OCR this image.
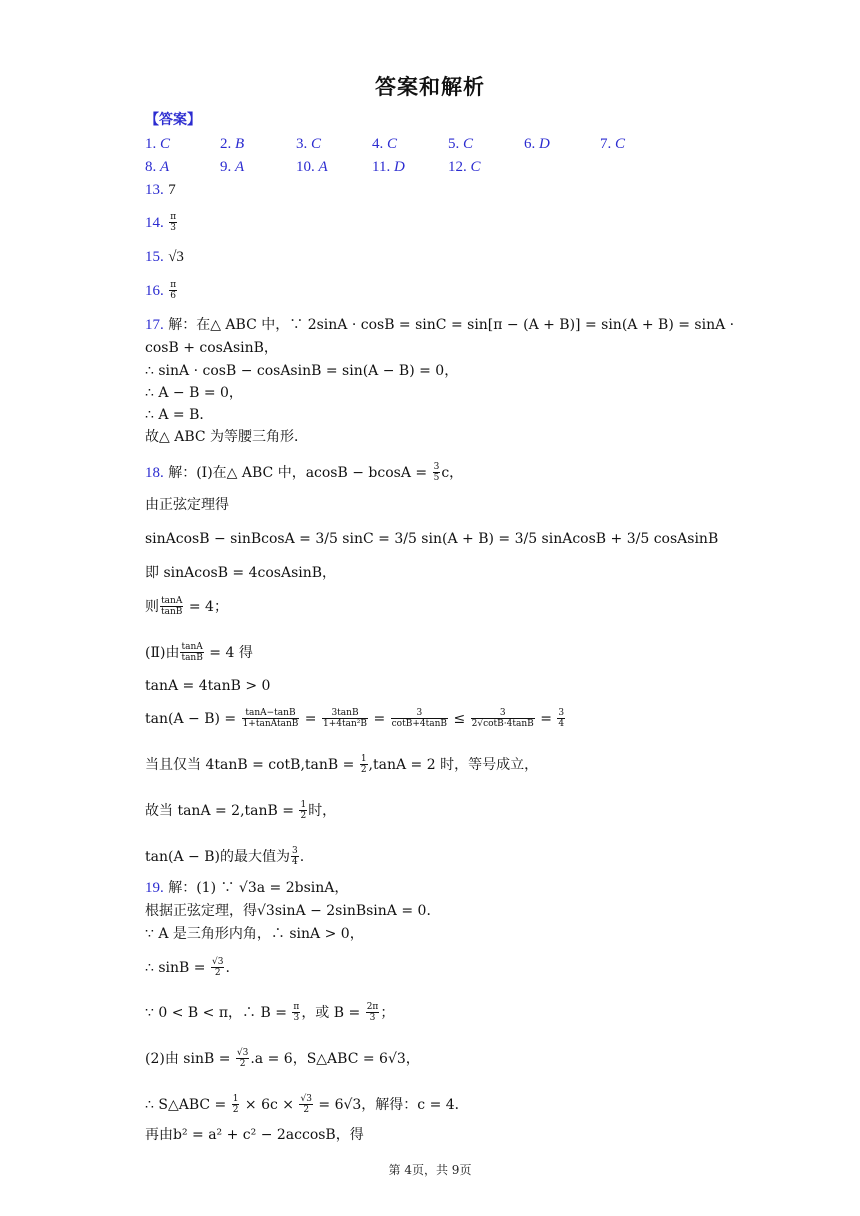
答案和解析
【答案】
1. C	2. B	3. C	4. C	5. C	6. D	7. C
8. A	9. A	10. A	11. D	12. C
13. 7
14. $\frac{\pi}{3}$
15. √3
16. $\frac{\pi}{6}$
17. 解：在△ ABC 中，∵ 2sinA · cosB = sinC = sin[π − (A + B)] = sin(A + B) = sinA ·
cosB + cosAsinB，
∴ sinA · cosB − cosAsinB = sin(A − B) = 0，
∴ A − B = 0，
∴ A = B．
故△ ABC 为等腰三角形．
18. 解：(Ⅰ)在△ ABC 中，$acosB - bcosA = \frac{3}{5}$ c，
由正弦定理得
sinAcosB − sinBcosA = 3/5 sinC = 3/5 sin(A + B) = 3/5 sinAcosB + 3/5 cosAsinB
即 sinAcosB = 4cosAsinB，
则 $\frac{\tan A}{\tan B} = 4$；
(Ⅱ)由 $\frac{\tan A}{\tan B} = 4$ 得
tanA = 4tanB > 0
$\tan(A - B) = \frac{\tan A-\tan B}{\text{1+tanAtanB}} = \frac{3\tan B}{\text{1+4tan²B}} = \frac{3}{\cot B+4\tan B} \le \frac{3}{2√\cot B\cdot 4\tan B} = \frac{3}{4}$
当且仅当 $4\tan B = \cot B,\tan B = \frac{1}{2} ,\tan A = 2$ 时，等号成立，
故当 $\tan A = 2,\tan B = \frac{1}{2}$ 时，
tan(A − B)的最大值为 $\frac{3}{4}$ .
19. 解：(1) ∵ √3a = 2bsinA，
根据正弦定理，得√3sinA − 2sinBsinA = 0．
∵ A 是三角形内角，∴ sinA > 0，
∴ $\sin B = \frac{√3}{2}$ .
∵ 0 < B < π，∴ $B = \frac{\pi}{3}$ ，或 $B = \frac{2\pi}{3}$ ；
(2)由 $\sin B = \frac{√3}{2} .a = 6$，S△ABC = 6√3，
∴ S△ABC = $\frac{1}{2} \times 6c \times \frac{√3}{2} = 6√3$，解得：c = 4．
再由b² = a² + c² − 2accosB，得
第 4页，共 9页
